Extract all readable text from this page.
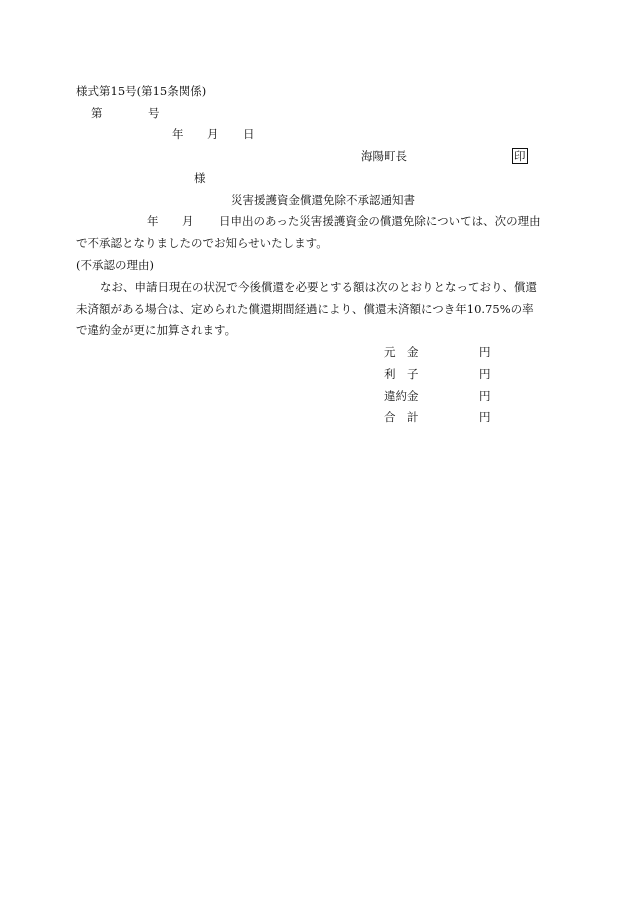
様式第15号(第15条関係)
第	号
年 月 日
海陽町長	印
様
災害援護資金償還免除不承認通知書
年 月 日申出のあった災害援護資金の償還免除については、次の理由
で不承認となりましたのでお知らせいたします。
(不承認の理由)
なお、申請日現在の状況で今後償還を必要とする額は次のとおりとなっており、償還
未済額がある場合は、定められた償還期間経過により、償還未済額につき年10.75%の率
で違約金が更に加算されます。
元　金	円
利　子	円
違約金	円
合　計	円
